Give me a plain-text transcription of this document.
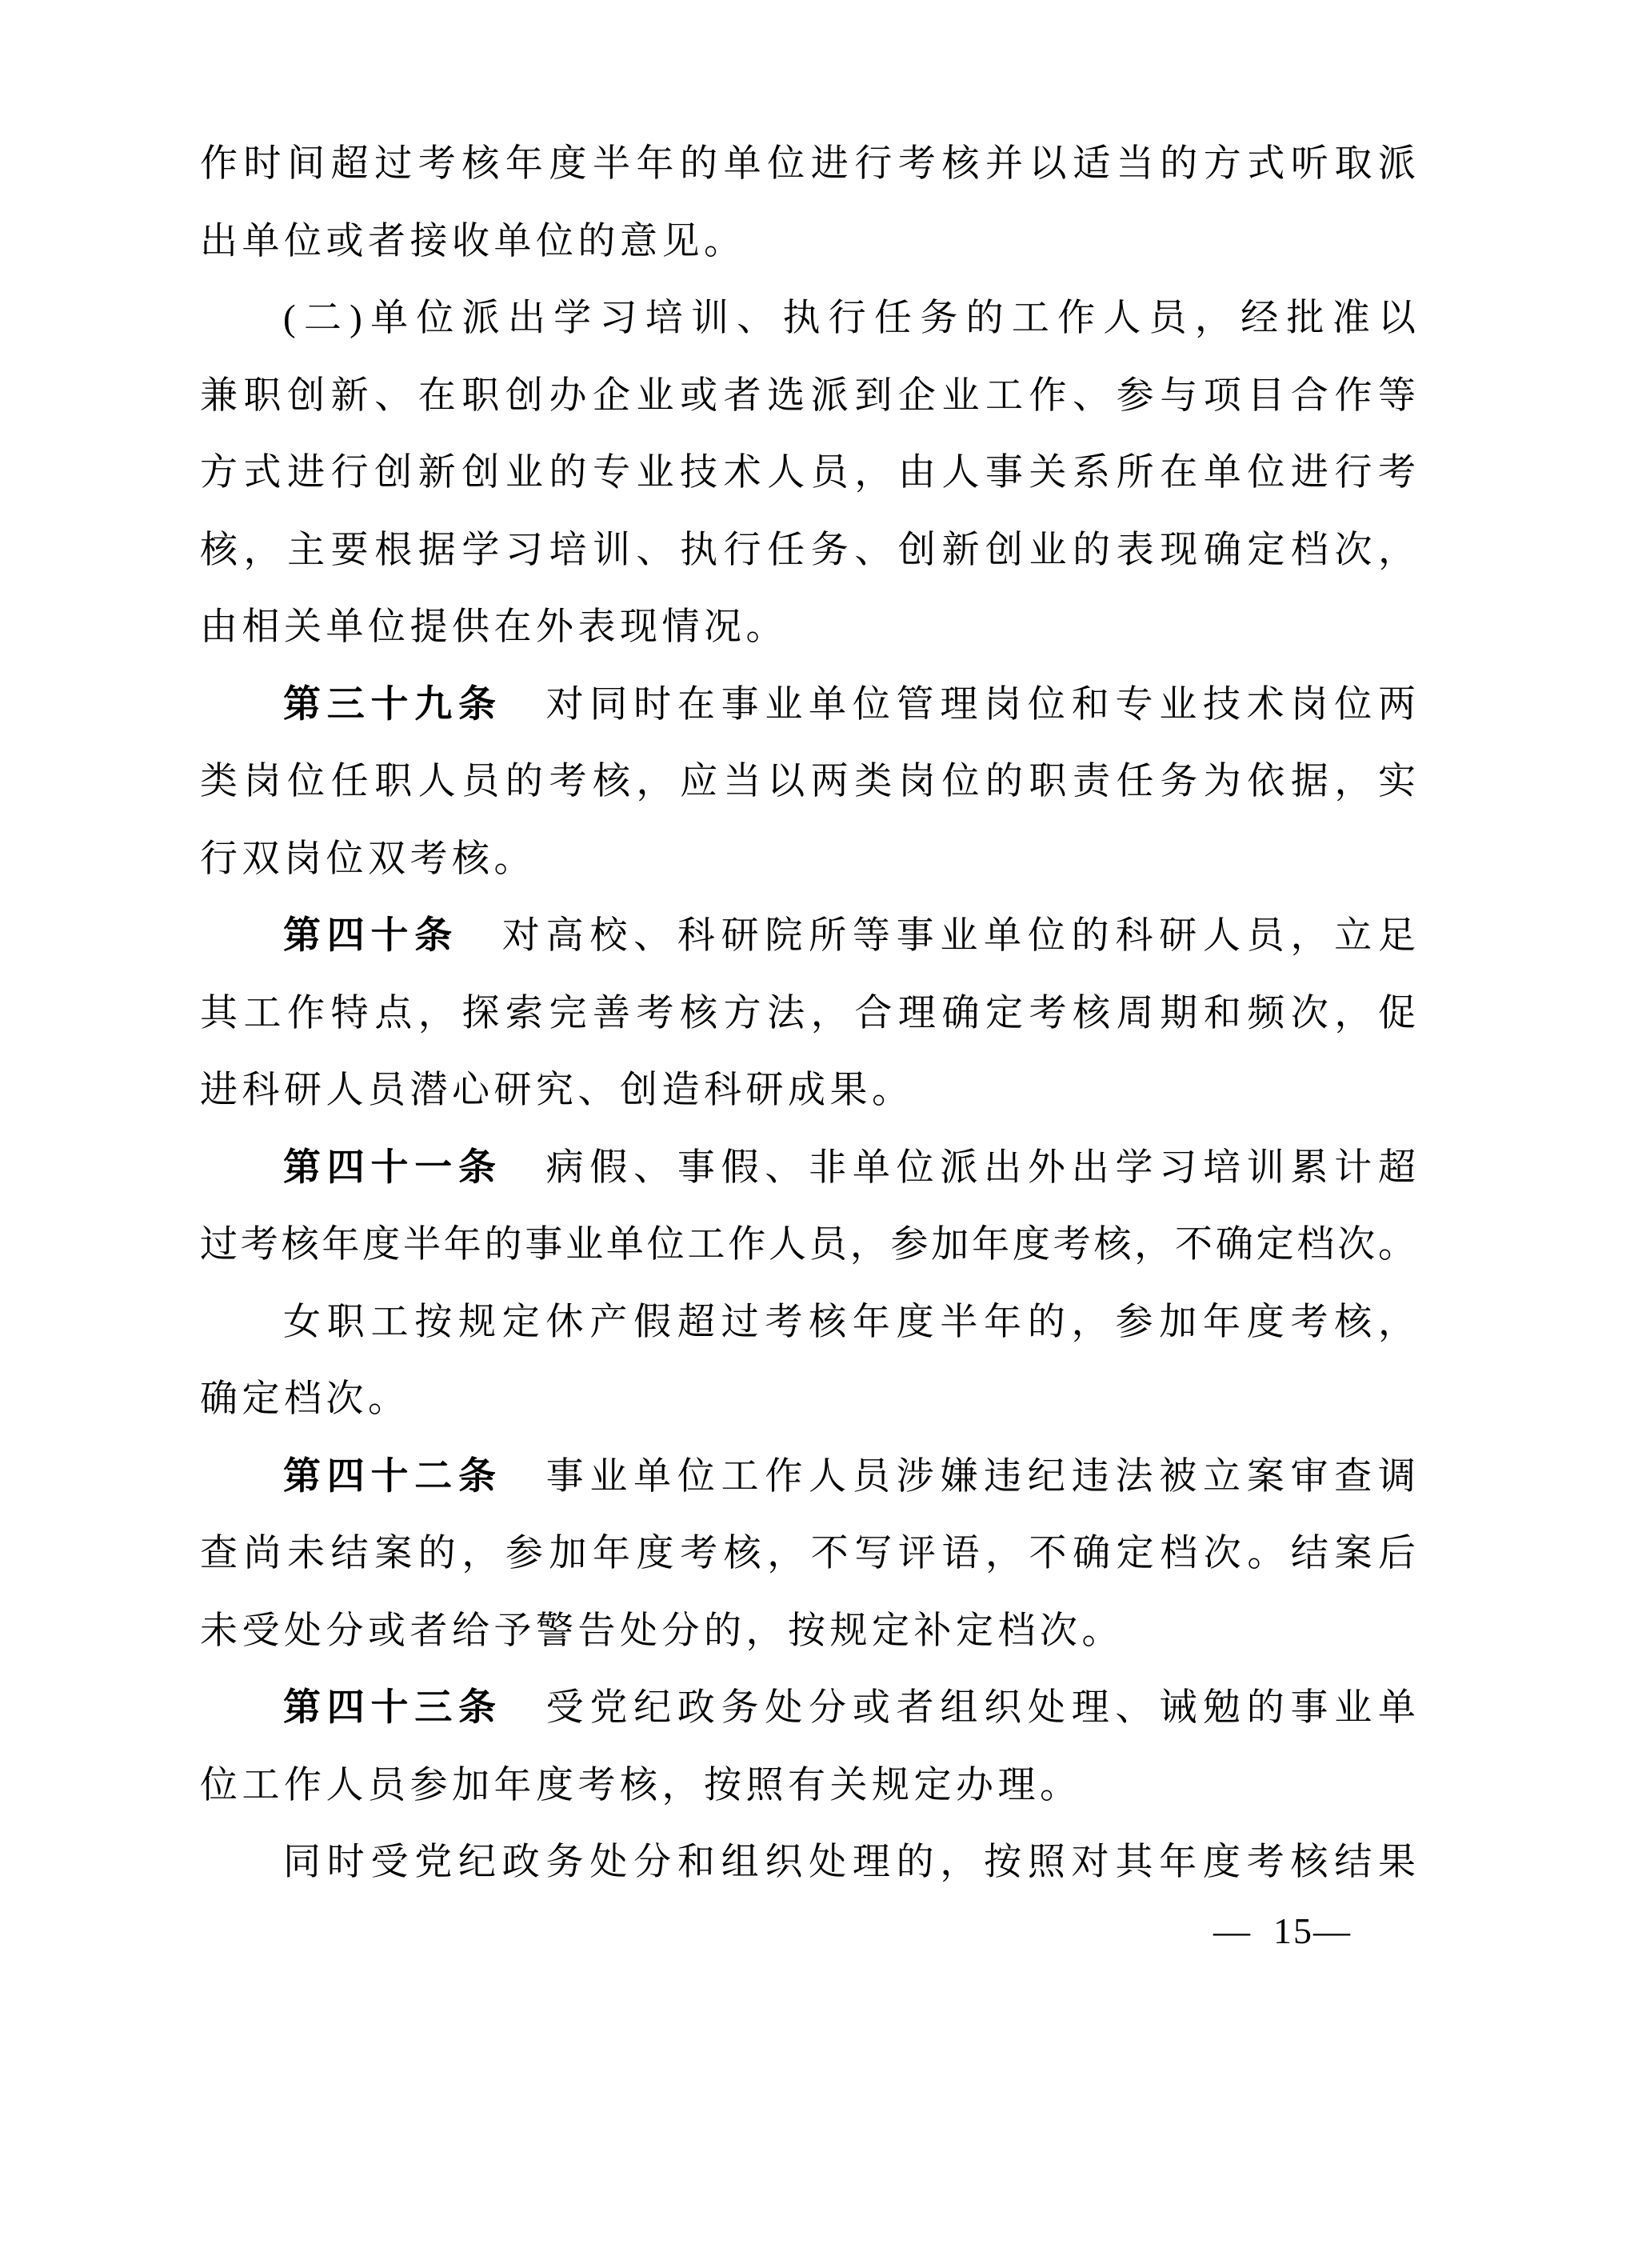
作时间超过考核年度半年的单位进行考核并以适当的方式听取派
出单位或者接收单位的意见。
(二)单位派出学习培训、执行任务的工作人员，经批准以
兼职创新、在职创办企业或者选派到企业工作、参与项目合作等
方式进行创新创业的专业技术人员，由人事关系所在单位进行考
核，主要根据学习培训、执行任务、创新创业的表现确定档次，
由相关单位提供在外表现情况。
第三十九条　对同时在事业单位管理岗位和专业技术岗位两
类岗位任职人员的考核，应当以两类岗位的职责任务为依据，实
行双岗位双考核。
第四十条　对高校、科研院所等事业单位的科研人员，立足
其工作特点，探索完善考核方法，合理确定考核周期和频次，促
进科研人员潜心研究、创造科研成果。
第四十一条　病假、事假、非单位派出外出学习培训累计超
过考核年度半年的事业单位工作人员，参加年度考核，不确定档次。
女职工按规定休产假超过考核年度半年的，参加年度考核，
确定档次。
第四十二条　事业单位工作人员涉嫌违纪违法被立案审查调
查尚未结案的，参加年度考核，不写评语，不确定档次。结案后
未受处分或者给予警告处分的，按规定补定档次。
第四十三条　受党纪政务处分或者组织处理、诫勉的事业单
位工作人员参加年度考核，按照有关规定办理。
同时受党纪政务处分和组织处理的，按照对其年度考核结果
—  15—
